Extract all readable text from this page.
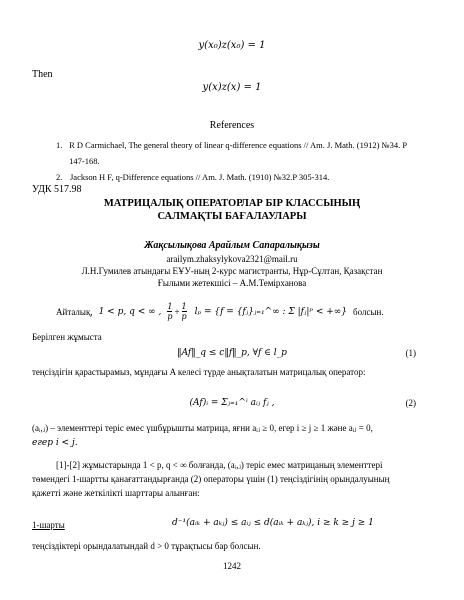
y(x₀)z(x₀) = 1
Then
y(x)z(x) = 1
References
1. R D Carmichael, The general theory of linear q-difference equations // Am. J. Math. (1912) №34. P 147-168.
2. Jackson H F, q-Difference equations // Am. J. Math. (1910) №32.P 305-314.
УДК 517.98
МАТРИЦАЛЫҚ ОПЕРАТОРЛАР БІР КЛАССЫНЫҢ
САЛМАҚТЫ БАҒАЛАУЛАРЫ
Жақсылықова Арайлым Сапаралықызы
arailym.zhaksylykova2321@mail.ru
Л.Н.Гумилев атындағы ЕҰУ-ның 2-курс магистранты, Нұр-Сұлтан, Қазақстан
Ғылыми жетекшісі – А.М.Темірханова
Айталық, 1 < p, q < ∞ , $\frac{1}{p} + \frac{1}{p}$ lₚ = {f = {fⱼ}ⱼ₌₁^∞ : Σ |fⱼ|ᵖ < +∞} болсын.
Берілген жұмыста
‖Af‖_q ≤ c‖f‖_p, ∀f ∈ l_p	(1)
теңсіздігін қарастырамыз, мұндағы A келесі түрде анықталатын матрицалық оператор:
(Af)ᵢ = Σⱼ₌₁^ⁱ aᵢⱼ fⱼ ,	(2)
(aᵢ,ⱼ) – элементтері теріс емес үшбұрышты матрица, яғни aᵢⱼ ≥ 0, егер i ≥ j ≥ 1 және aᵢⱼ = 0,
егер i < j.
[1]-[2] жұмыстарында 1 < p, q < ∞ болғанда, (aᵢ,ⱼ) теріс емес матрицаның элементтері
төмендегі 1-шартты қанағаттандырғанда (2) операторы үшін (1) теңсіздігінің орындалуының
қажетті және жеткілікті шарттары алынған:
1-шарты	d⁻¹(aᵢₖ + aₖⱼ) ≤ aᵢⱼ ≤ d(aᵢₖ + aₖⱼ), i ≥ k ≥ j ≥ 1
теңсіздіктері орындалатындай d > 0 тұрақтысы бар болсын.
1242
